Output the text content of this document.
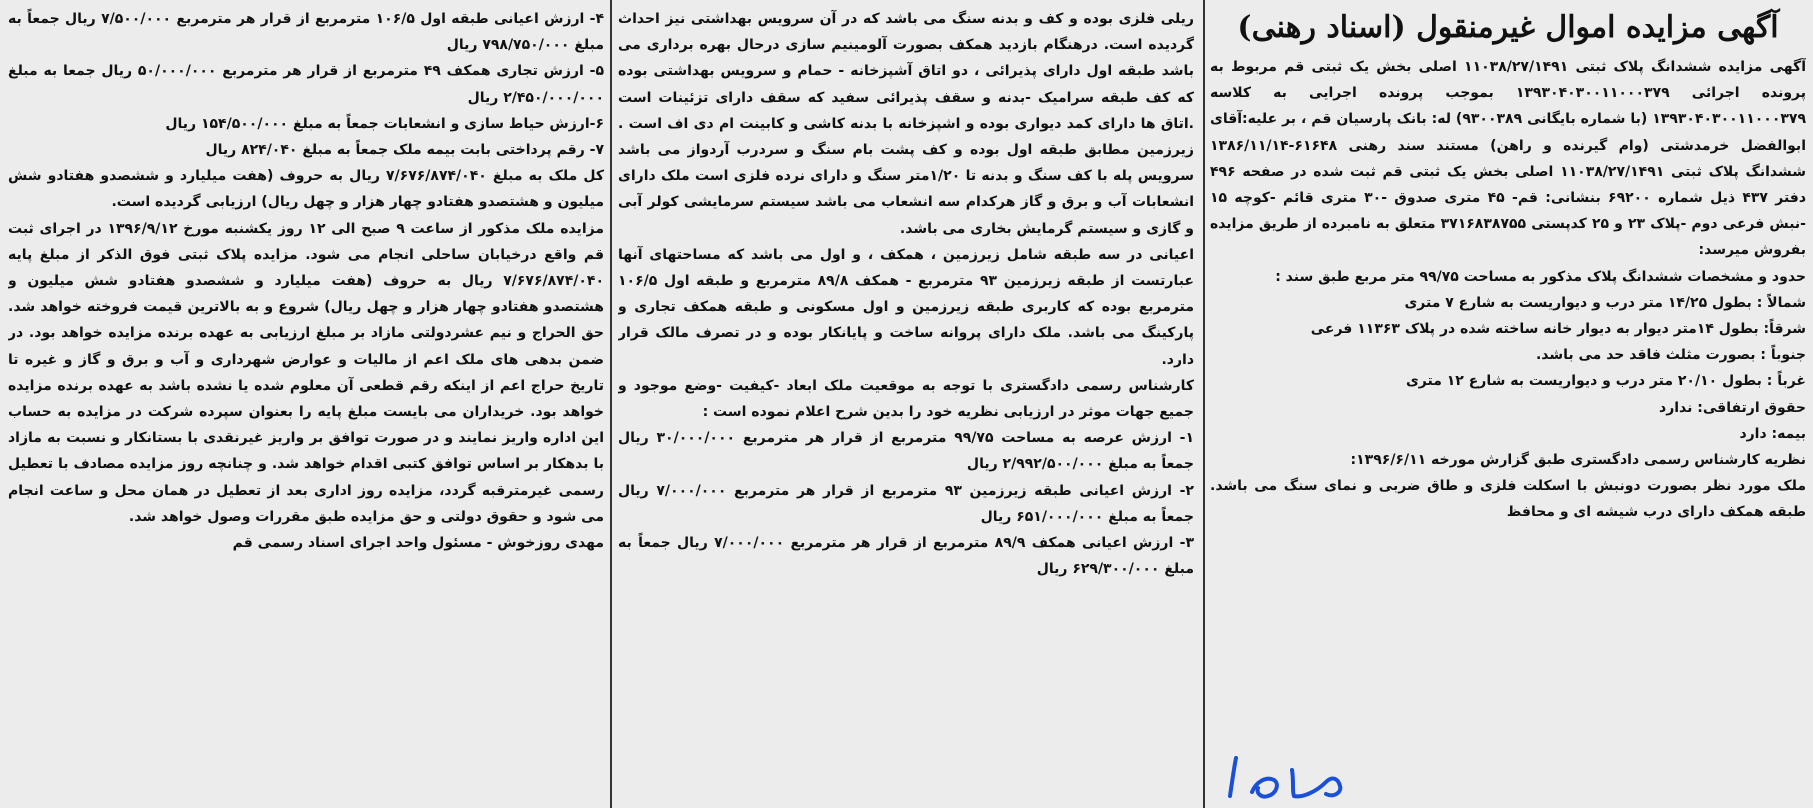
آگهی مزایده اموال غیرمنقول (اسناد رهنی)

آگهی مزایده ششدانگ پلاک ثبتی ۱۱۰۳۸/۲۷/۱۴۹۱ اصلی بخش یک ثبتی قم مربوط به پرونده اجرائی ۱۳۹۳۰۴۰۳۰۰۱۱۰۰۰۳۷۹ بموجب پرونده اجرایی به کلاسه ۱۳۹۳۰۴۰۳۰۰۱۱۰۰۰۳۷۹ (با شماره بایگانی ۹۳۰۰۳۸۹) له: بانک پارسیان قم ، بر علیه:آقای ابوالفضل خرمدشتی (وام گیرنده و راهن) مستند سند رهنی ۶۱۶۴۸-۱۳۸۶/۱۱/۱۴ ششدانگ پلاک ثبتی ۱۱۰۳۸/۲۷/۱۴۹۱ اصلی بخش یک ثبتی قم ثبت شده در صفحه ۴۹۶ دفتر ۴۳۷ ذیل شماره ۶۹۲۰۰ بنشانی: قم- ۴۵ متری صدوق -۳۰ متری قائم -کوچه ۱۵ -نبش فرعی دوم -پلاک ۲۳ و ۲۵ کدپستی ۳۷۱۶۸۳۸۷۵۵ متعلق به نامبرده از طریق مزایده بفروش میرسد:

حدود و مشخصات ششدانگ پلاک مذکور به مساحت ۹۹/۷۵ متر مربع طبق سند :

شمالاً : بطول ۱۴/۲۵ متر درب و دیواریست به شارع ۷ متری

شرقاً: بطول ۱۴متر دیوار به دیوار خانه ساخته شده در پلاک ۱۱۳۶۳ فرعی

جنوباً : بصورت مثلث فاقد حد می باشد.

غرباً : بطول ۲۰/۱۰ متر درب و دیواریست به شارع ۱۲ متری

حقوق ارتفاقی: ندارد

بیمه: دارد

نظریه کارشناس رسمی دادگستری طبق گزارش مورخه ۱۳۹۶/۶/۱۱:

ملک مورد نظر بصورت دونبش با اسکلت فلزی و طاق ضربی و نمای سنگ می باشد. طبقه همکف دارای درب شیشه ای و محافظ

ریلی فلزی بوده و کف و بدنه سنگ می باشد که در آن سرویس بهداشتی نیز احداث گردیده است. درهنگام بازدید همکف بصورت آلومینیم سازی درحال بهره برداری می باشد طبقه اول دارای پذیرائی ، دو اتاق آشپزخانه - حمام و سرویس بهداشتی بوده که کف طبقه سرامیک -بدنه و سقف پذیرائی سفید که سقف دارای تزئینات است .اتاق ها دارای کمد دیواری بوده و اشپزخانه با بدنه کاشی و کابینت ام دی اف است . زیرزمین مطابق طبقه اول بوده و کف پشت بام سنگ و سردرب آردواز می باشد سرویس پله با کف سنگ و بدنه تا ۱/۲۰متر سنگ و دارای نرده فلزی است ملک دارای انشعابات آب و برق و گاز هرکدام سه انشعاب می باشد سیستم سرمایشی کولر آبی و گازی و سیستم گرمایش بخاری می باشد.

اعیانی در سه طبقه شامل زیرزمین ، همکف ، و اول می باشد که مساحتهای آنها عبارتست از طبقه زیرزمین ۹۳ مترمربع - همکف ۸۹/۸ مترمربع و طبقه اول ۱۰۶/۵ مترمربع بوده که کاربری طبقه زیرزمین و اول مسکونی و طبقه همکف تجاری و پارکینگ می باشد. ملک دارای پروانه ساخت و پایانکار بوده و در تصرف مالک قرار دارد.

کارشناس رسمی دادگستری با توجه به موقعیت ملک ابعاد -کیفیت -وضع موجود و جمیع جهات موثر در ارزیابی نظریه خود را بدین شرح اعلام نموده است :

۱- ارزش عرصه به مساحت ۹۹/۷۵ مترمربع از قرار هر مترمربع ۳۰/۰۰۰/۰۰۰ ریال جمعاً به مبلغ ۲/۹۹۲/۵۰۰/۰۰۰ ریال

۲- ارزش اعیانی طبقه زیرزمین ۹۳ مترمربع از قرار هر مترمربع ۷/۰۰۰/۰۰۰ ریال جمعاً به مبلغ ۶۵۱/۰۰۰/۰۰۰ ریال

۳- ارزش اعیانی همکف ۸۹/۹ مترمربع از قرار هر مترمربع ۷/۰۰۰/۰۰۰ ریال جمعاً به مبلغ ۶۲۹/۳۰۰/۰۰۰ ریال

۴- ارزش اعیانی طبقه اول ۱۰۶/۵ مترمربع از قرار هر مترمربع ۷/۵۰۰/۰۰۰ ریال جمعاً به مبلغ ۷۹۸/۷۵۰/۰۰۰ ریال

۵- ارزش تجاری همکف ۴۹ مترمربع از قرار هر مترمربع ۵۰/۰۰۰/۰۰۰ ریال جمعا به مبلغ ۲/۴۵۰/۰۰۰/۰۰۰ ریال

۶-ارزش حیاط سازی و انشعابات جمعاً به مبلغ ۱۵۴/۵۰۰/۰۰۰ ریال

۷- رقم پرداختی بابت بیمه ملک جمعاً به مبلغ ۸۲۴/۰۴۰ ریال

کل ملک به مبلغ ۷/۶۷۶/۸۷۴/۰۴۰ ریال به حروف (هفت میلیارد و ششصدو هفتادو شش میلیون و هشتصدو هفتادو چهار هزار و چهل ریال) ارزیابی گردیده است.

مزایده ملک مذکور از ساعت ۹ صبح الی ۱۲ روز یکشنبه مورخ ۱۳۹۶/۹/۱۲ در اجرای ثبت قم واقع درخیابان ساحلی انجام می شود. مزایده پلاک ثبتی فوق الذکر از مبلغ پایه ۷/۶۷۶/۸۷۴/۰۴۰ ریال به حروف (هفت میلیارد و ششصدو هفتادو شش میلیون و هشتصدو هفتادو چهار هزار و چهل ریال) شروع و به بالاترین قیمت فروخته خواهد شد. حق الحراج و نیم عشردولتی مازاد بر مبلغ ارزیابی به عهده برنده مزایده خواهد بود. در ضمن بدهی های ملک اعم از مالیات و عوارض شهرداری و آب و برق و گاز و غیره تا تاریخ حراج اعم از اینکه رقم قطعی آن معلوم شده یا نشده باشد به عهده برنده مزایده خواهد بود. خریداران می بایست مبلغ پایه را بعنوان سپرده شرکت در مزایده به حساب این اداره واریز نمایند و در صورت توافق بر واریز غیرنقدی با بستانکار و نسبت به مازاد با بدهکار بر اساس توافق کتبی اقدام خواهد شد. و چنانچه روز مزایده مصادف با تعطیل رسمی غیرمترقبه گردد، مزایده روز اداری بعد از تعطیل در همان محل و ساعت انجام می شود و حقوق دولتی و حق مزایده طبق مقررات وصول خواهد شد.

مهدی روزخوش - مسئول واحد اجرای اسناد رسمی قم
